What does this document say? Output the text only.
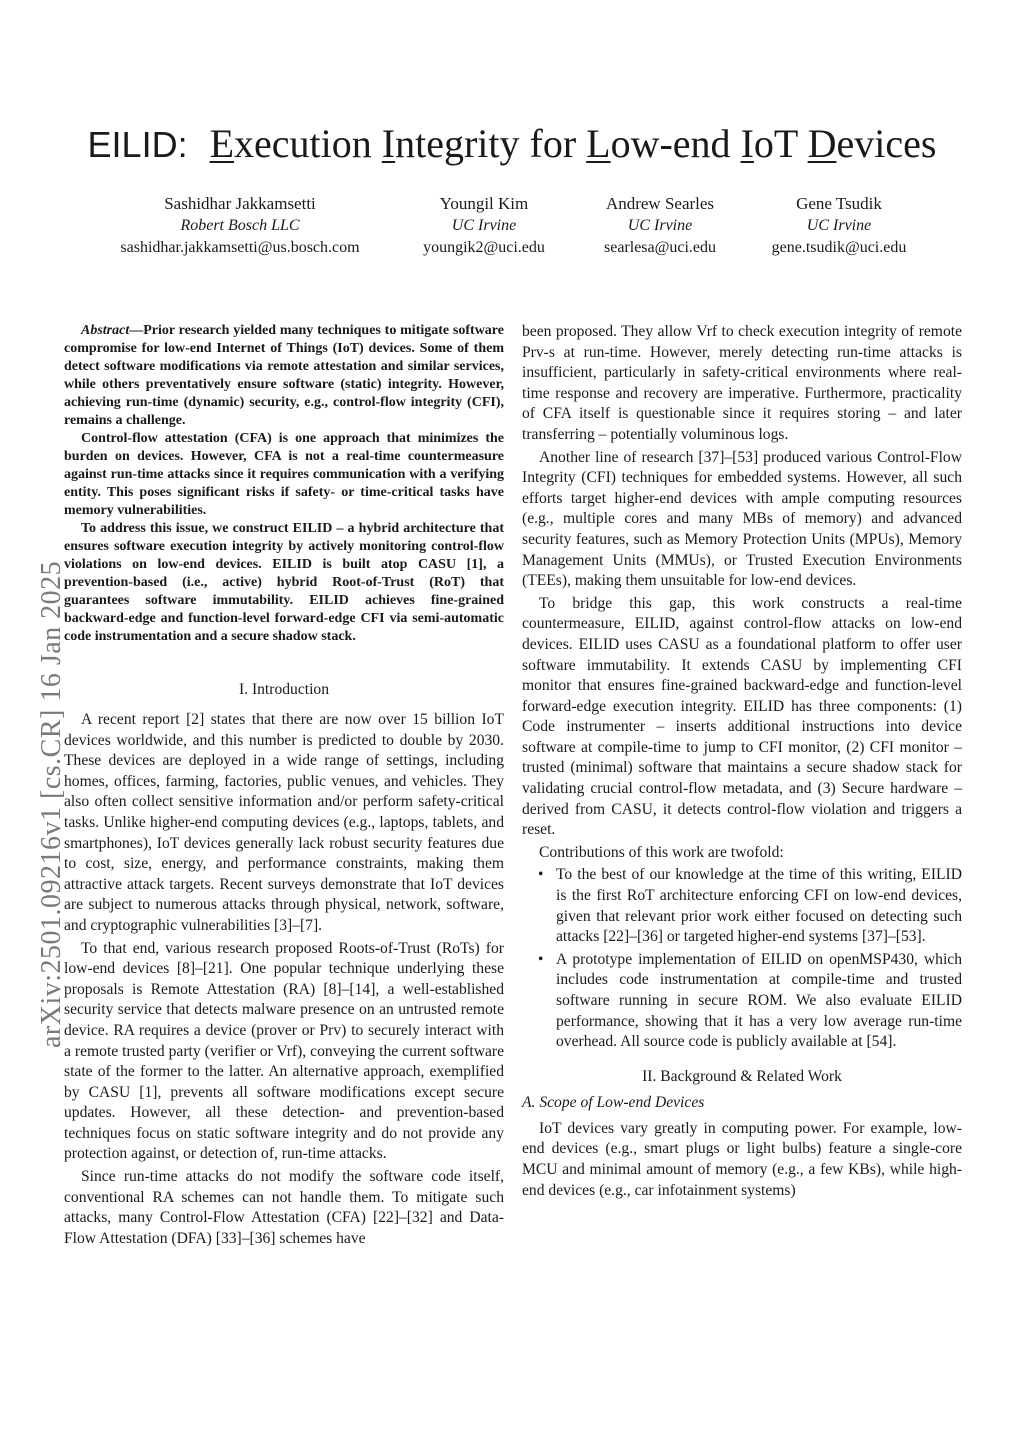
EILID: Execution Integrity for Low-end IoT Devices
Sashidhar Jakkamsetti
Robert Bosch LLC
sashidhar.jakkamsetti@us.bosch.com
Youngil Kim
UC Irvine
youngik2@uci.edu
Andrew Searles
UC Irvine
searlesa@uci.edu
Gene Tsudik
UC Irvine
gene.tsudik@uci.edu
arXiv:2501.09216v1 [cs.CR] 16 Jan 2025

Abstract—Prior research yielded many techniques to mitigate software compromise for low-end Internet of Things (IoT) devices. Some of them detect software modifications via remote attestation and similar services, while others preventatively ensure software (static) integrity. However, achieving run-time (dynamic) security, e.g., control-flow integrity (CFI), remains a challenge.

Control-flow attestation (CFA) is one approach that minimizes the burden on devices. However, CFA is not a real-time countermeasure against run-time attacks since it requires communication with a verifying entity. This poses significant risks if safety- or time-critical tasks have memory vulnerabilities.

To address this issue, we construct EILID – a hybrid architecture that ensures software execution integrity by actively monitoring control-flow violations on low-end devices. EILID is built atop CASU [1], a prevention-based (i.e., active) hybrid Root-of-Trust (RoT) that guarantees software immutability. EILID achieves fine-grained backward-edge and function-level forward-edge CFI via semi-automatic code instrumentation and a secure shadow stack.

I. Introduction

A recent report [2] states that there are now over 15 billion IoT devices worldwide, and this number is predicted to double by 2030. These devices are deployed in a wide range of settings, including homes, offices, farming, factories, public venues, and vehicles. They also often collect sensitive information and/or perform safety-critical tasks. Unlike higher-end computing devices (e.g., laptops, tablets, and smartphones), IoT devices generally lack robust security features due to cost, size, energy, and performance constraints, making them attractive attack targets. Recent surveys demonstrate that IoT devices are subject to numerous attacks through physical, network, software, and cryptographic vulnerabilities [3]–[7].

To that end, various research proposed Roots-of-Trust (RoTs) for low-end devices [8]–[21]. One popular technique underlying these proposals is Remote Attestation (RA) [8]–[14], a well-established security service that detects malware presence on an untrusted remote device. RA requires a device (prover or Prv) to securely interact with a remote trusted party (verifier or Vrf), conveying the current software state of the former to the latter. An alternative approach, exemplified by CASU [1], prevents all software modifications except secure updates. However, all these detection- and prevention-based techniques focus on static software integrity and do not provide any protection against, or detection of, run-time attacks.

Since run-time attacks do not modify the software code itself, conventional RA schemes can not handle them. To mitigate such attacks, many Control-Flow Attestation (CFA) [22]–[32] and Data-Flow Attestation (DFA) [33]–[36] schemes have

been proposed. They allow Vrf to check execution integrity of remote Prv-s at run-time. However, merely detecting run-time attacks is insufficient, particularly in safety-critical environments where real-time response and recovery are imperative. Furthermore, practicality of CFA itself is questionable since it requires storing – and later transferring – potentially voluminous logs.

Another line of research [37]–[53] produced various Control-Flow Integrity (CFI) techniques for embedded systems. However, all such efforts target higher-end devices with ample computing resources (e.g., multiple cores and many MBs of memory) and advanced security features, such as Memory Protection Units (MPUs), Memory Management Units (MMUs), or Trusted Execution Environments (TEEs), making them unsuitable for low-end devices.

To bridge this gap, this work constructs a real-time countermeasure, EILID, against control-flow attacks on low-end devices. EILID uses CASU as a foundational platform to offer user software immutability. It extends CASU by implementing CFI monitor that ensures fine-grained backward-edge and function-level forward-edge execution integrity. EILID has three components: (1) Code instrumenter – inserts additional instructions into device software at compile-time to jump to CFI monitor, (2) CFI monitor – trusted (minimal) software that maintains a secure shadow stack for validating crucial control-flow metadata, and (3) Secure hardware – derived from CASU, it detects control-flow violation and triggers a reset.

Contributions of this work are twofold:

• To the best of our knowledge at the time of this writing, EILID is the first RoT architecture enforcing CFI on low-end devices, given that relevant prior work either focused on detecting such attacks [22]–[36] or targeted higher-end systems [37]–[53].
• A prototype implementation of EILID on openMSP430, which includes code instrumentation at compile-time and trusted software running in secure ROM. We also evaluate EILID performance, showing that it has a very low average run-time overhead. All source code is publicly available at [54].
II. Background & Related Work
A. Scope of Low-end Devices

IoT devices vary greatly in computing power. For example, low-end devices (e.g., smart plugs or light bulbs) feature a single-core MCU and minimal amount of memory (e.g., a few KBs), while high-end devices (e.g., car infotainment systems)
